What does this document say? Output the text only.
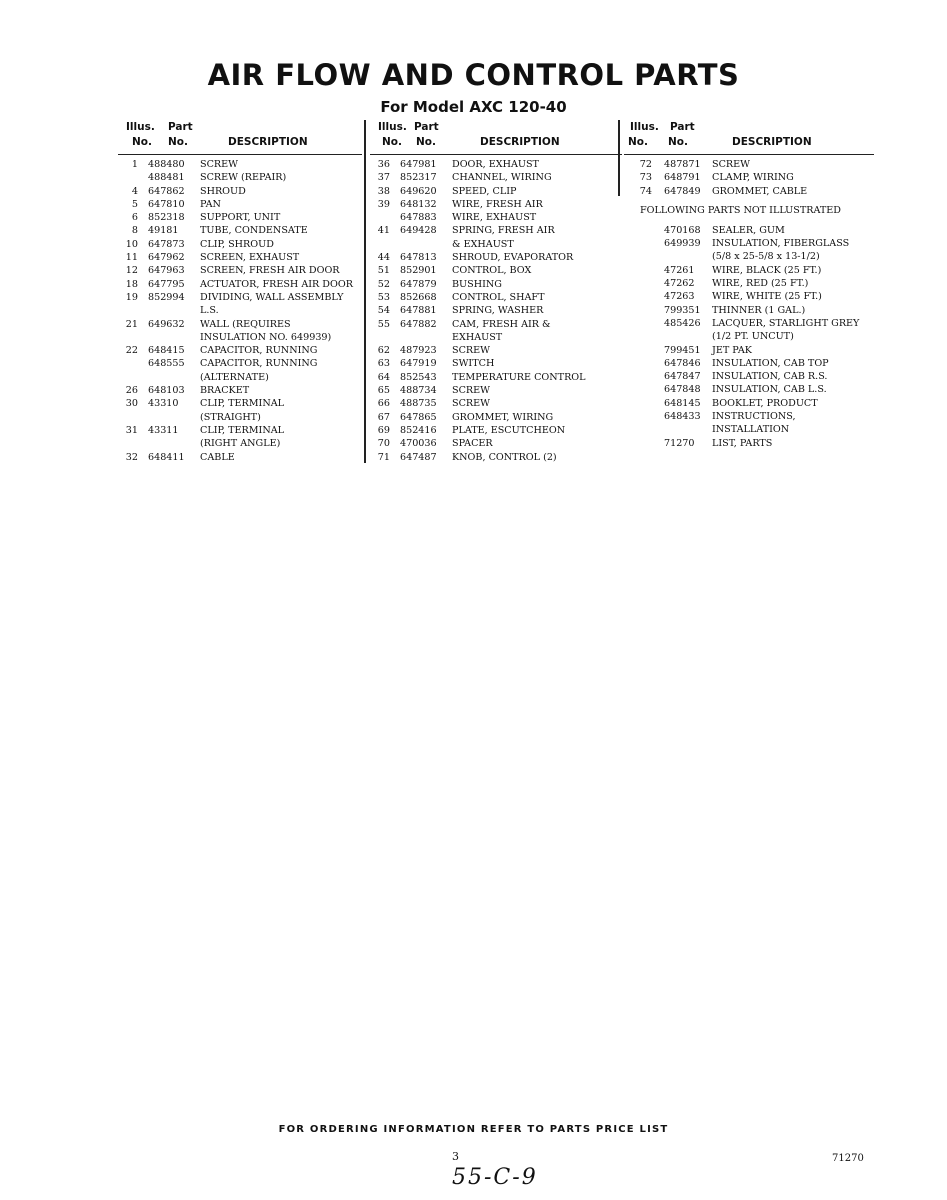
AIR FLOW AND CONTROL PARTS
For Model AXC 120-40
Illus. Part
No. No.	DESCRIPTION
1 488480 SCREW
488481 SCREW (REPAIR)
4 647862 SHROUD
5 647810 PAN
6 852318 SUPPORT, UNIT
8 49181 TUBE, CONDENSATE
10 647873 CLIP, SHROUD
11 647962 SCREEN, EXHAUST
12 647963 SCREEN, FRESH AIR DOOR
18 647795 ACTUATOR, FRESH AIR DOOR
19 852994 DIVIDING, WALL ASSEMBLY
L.S.
21 649632 WALL (REQUIRES
INSULATION NO. 649939)
22 648415 CAPACITOR, RUNNING
648555 CAPACITOR, RUNNING
(ALTERNATE)
26 648103 BRACKET
30 43310 CLIP, TERMINAL
(STRAIGHT)
31 43311 CLIP, TERMINAL
(RIGHT ANGLE)
32 648411 CABLE
Illus. Part
No. No.	DESCRIPTION
36 647981 DOOR, EXHAUST
37 852317 CHANNEL, WIRING
38 649620 SPEED, CLIP
39 648132 WIRE, FRESH AIR
647883 WIRE, EXHAUST
41 649428 SPRING, FRESH AIR
& EXHAUST
44 647813 SHROUD, EVAPORATOR
51 852901 CONTROL, BOX
52 647879 BUSHING
53 852668 CONTROL, SHAFT
54 647881 SPRING, WASHER
55 647882 CAM, FRESH AIR &
EXHAUST
62 487923 SCREW
63 647919 SWITCH
64 852543 TEMPERATURE CONTROL
65 488734 SCREW
66 488735 SCREW
67 647865 GROMMET, WIRING
69 852416 PLATE, ESCUTCHEON
70 470036 SPACER
71 647487 KNOB, CONTROL (2)
Illus. Part
No. No.	DESCRIPTION
72 487871 SCREW
73 648791 CLAMP, WIRING
74 647849 GROMMET, CABLE
FOLLOWING PARTS NOT ILLUSTRATED
470168 SEALER, GUM
649939 INSULATION, FIBERGLASS
(5/8 x 25-5/8 x 13-1/2)
47261 WIRE, BLACK (25 FT.)
47262 WIRE, RED (25 FT.)
47263 WIRE, WHITE (25 FT.)
799351 THINNER (1 GAL.)
485426 LACQUER, STARLIGHT GREY
(1/2 PT. UNCUT)
799451 JET PAK
647846 INSULATION, CAB TOP
647847 INSULATION, CAB R.S.
647848 INSULATION, CAB L.S.
648145 BOOKLET, PRODUCT
648433 INSTRUCTIONS,
INSTALLATION
71270 LIST, PARTS
FOR ORDERING INFORMATION REFER TO PARTS PRICE LIST
3	71270
55-C-9
